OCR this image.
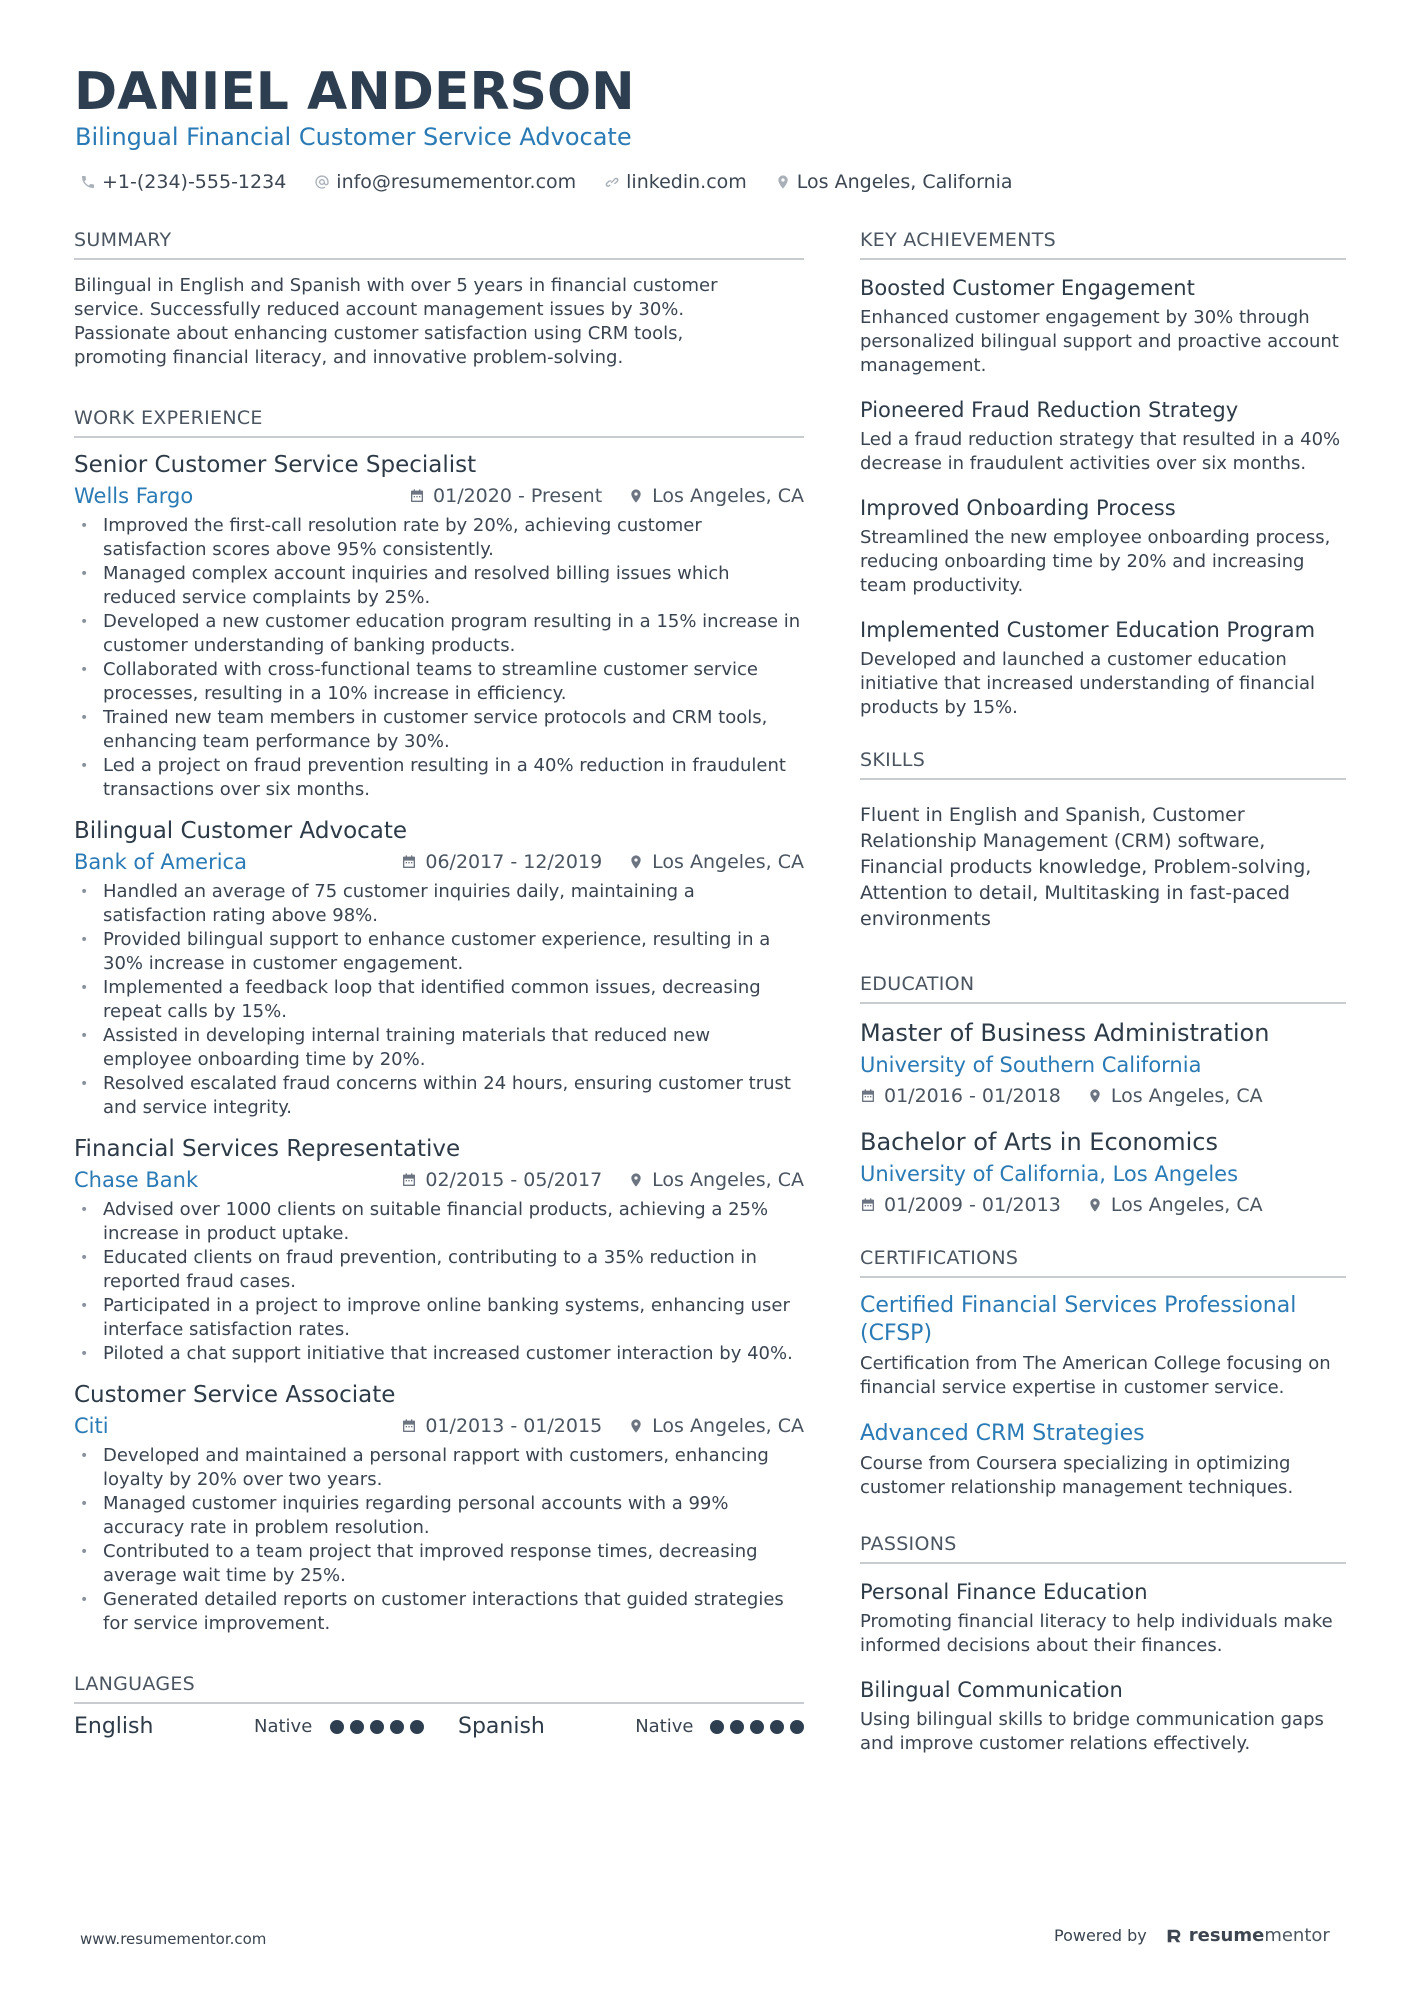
DANIEL ANDERSON
Bilingual Financial Customer Service Advocate
+1-(234)-555-1234	info@resumementor.com	linkedin.com	Los Angeles, California
SUMMARY
Bilingual in English and Spanish with over 5 years in financial customer service. Successfully reduced account management issues by 30%. Passionate about enhancing customer satisfaction using CRM tools, promoting financial literacy, and innovative problem-solving.
WORK EXPERIENCE
Senior Customer Service Specialist
Wells Fargo	01/2020 - Present	Los Angeles, CA
• Improved the first-call resolution rate by 20%, achieving customer satisfaction scores above 95% consistently.
• Managed complex account inquiries and resolved billing issues which reduced service complaints by 25%.
• Developed a new customer education program resulting in a 15% increase in customer understanding of banking products.
• Collaborated with cross-functional teams to streamline customer service processes, resulting in a 10% increase in efficiency.
• Trained new team members in customer service protocols and CRM tools, enhancing team performance by 30%.
• Led a project on fraud prevention resulting in a 40% reduction in fraudulent transactions over six months.
Bilingual Customer Advocate
Bank of America	06/2017 - 12/2019	Los Angeles, CA
• Handled an average of 75 customer inquiries daily, maintaining a satisfaction rating above 98%.
• Provided bilingual support to enhance customer experience, resulting in a 30% increase in customer engagement.
• Implemented a feedback loop that identified common issues, decreasing repeat calls by 15%.
• Assisted in developing internal training materials that reduced new employee onboarding time by 20%.
• Resolved escalated fraud concerns within 24 hours, ensuring customer trust and service integrity.
Financial Services Representative
Chase Bank	02/2015 - 05/2017	Los Angeles, CA
• Advised over 1000 clients on suitable financial products, achieving a 25% increase in product uptake.
• Educated clients on fraud prevention, contributing to a 35% reduction in reported fraud cases.
• Participated in a project to improve online banking systems, enhancing user interface satisfaction rates.
• Piloted a chat support initiative that increased customer interaction by 40%.
Customer Service Associate
Citi	01/2013 - 01/2015	Los Angeles, CA
• Developed and maintained a personal rapport with customers, enhancing loyalty by 20% over two years.
• Managed customer inquiries regarding personal accounts with a 99% accuracy rate in problem resolution.
• Contributed to a team project that improved response times, decreasing average wait time by 25%.
• Generated detailed reports on customer interactions that guided strategies for service improvement.
LANGUAGES
English	Native	Spanish	Native
KEY ACHIEVEMENTS
Boosted Customer Engagement
Enhanced customer engagement by 30% through personalized bilingual support and proactive account management.
Pioneered Fraud Reduction Strategy
Led a fraud reduction strategy that resulted in a 40% decrease in fraudulent activities over six months.
Improved Onboarding Process
Streamlined the new employee onboarding process, reducing onboarding time by 20% and increasing team productivity.
Implemented Customer Education Program
Developed and launched a customer education initiative that increased understanding of financial products by 15%.
SKILLS
Fluent in English and Spanish, Customer Relationship Management (CRM) software, Financial products knowledge, Problem-solving, Attention to detail, Multitasking in fast-paced environments
EDUCATION
Master of Business Administration
University of Southern California
01/2016 - 01/2018	Los Angeles, CA
Bachelor of Arts in Economics
University of California, Los Angeles
01/2009 - 01/2013	Los Angeles, CA
CERTIFICATIONS
Certified Financial Services Professional (CFSP)
Certification from The American College focusing on financial service expertise in customer service.
Advanced CRM Strategies
Course from Coursera specializing in optimizing customer relationship management techniques.
PASSIONS
Personal Finance Education
Promoting financial literacy to help individuals make informed decisions about their finances.
Bilingual Communication
Using bilingual skills to bridge communication gaps and improve customer relations effectively.
www.resumementor.com	Powered by resume mentor
